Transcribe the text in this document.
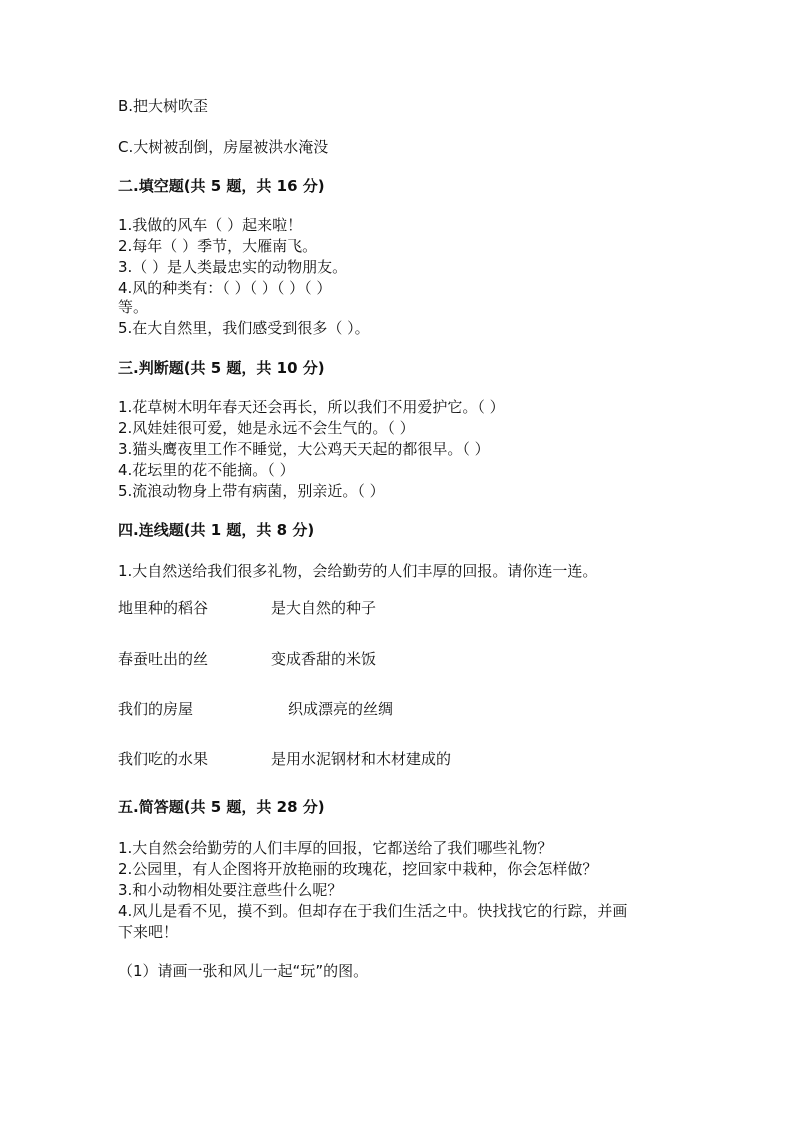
B.把大树吹歪
C.大树被刮倒，房屋被洪水淹没
二.填空题(共 5 题，共 16 分)
1.我做的风车（ ）起来啦！
2.每年（ ）季节，大雁南飞。
3.（ ）是人类最忠实的动物朋友。
4.风的种类有：（ ）（ ）（ ）（ ）
等。
5.在大自然里，我们感受到很多（ ）。
三.判断题(共 5 题，共 10 分)
1.花草树木明年春天还会再长，所以我们不用爱护它。（ ）
2.风娃娃很可爱，她是永远不会生气的。（ ）
3.猫头鹰夜里工作不睡觉，大公鸡天天起的都很早。（ ）
4.花坛里的花不能摘。（ ）
5.流浪动物身上带有病菌，别亲近。（ ）
四.连线题(共 1 题，共 8 分)
1.大自然送给我们很多礼物，会给勤劳的人们丰厚的回报。请你连一连。
地里种的稻谷	是大自然的种子
春蚕吐出的丝	变成香甜的米饭
我们的房屋	织成漂亮的丝绸
我们吃的水果	是用水泥钢材和木材建成的
五.简答题(共 5 题，共 28 分)
1.大自然会给勤劳的人们丰厚的回报，它都送给了我们哪些礼物？
2.公园里，有人企图将开放艳丽的玫瑰花，挖回家中栽种，你会怎样做？
3.和小动物相处要注意些什么呢？
4.风儿是看不见，摸不到。但却存在于我们生活之中。快找找它的行踪，并画
下来吧！
（1）请画一张和风儿一起“玩”的图。
